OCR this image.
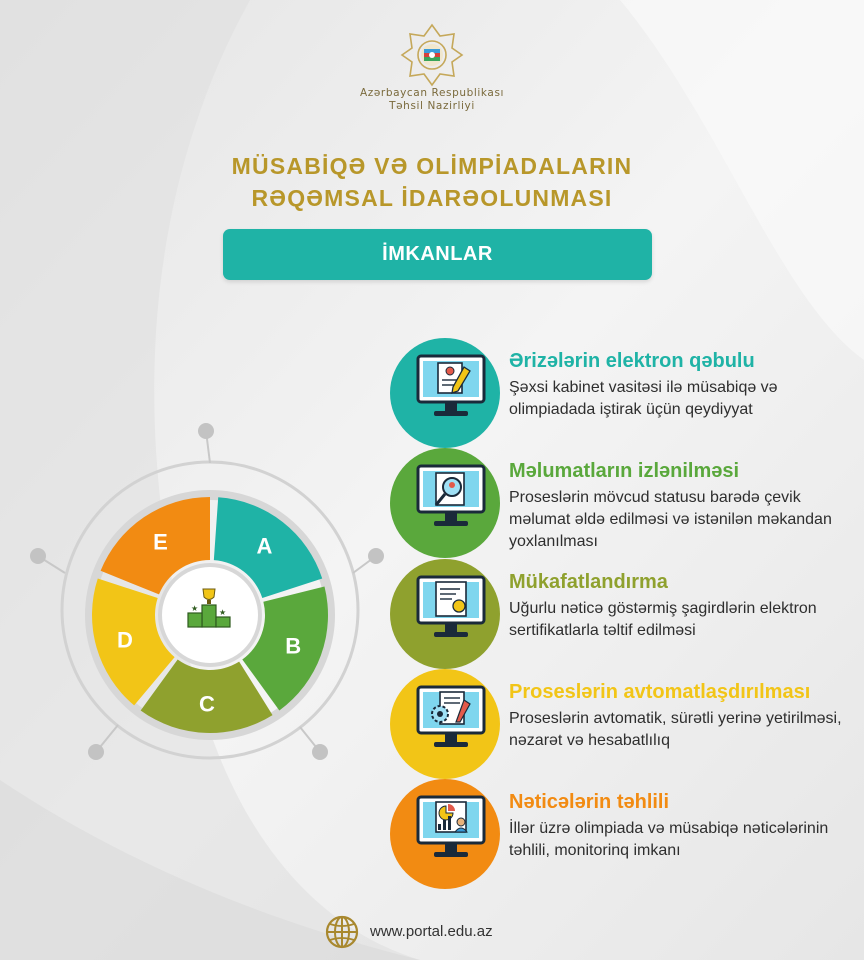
Azərbaycan Respublikası
Təhsil Nazirliyi
MÜSABİQƏ VƏ OLİMPİADALARIN
RƏQƏMSAL İDARƏOLUNMASI
İMKANLAR
A
B
C
D
E
★	★
Ərizələrin elektron qəbulu
Şəxsi kabinet vasitəsi ilə müsabiqə və olimpiadada iştirak üçün qeydiyyat
Məlumatların izlənilməsi
Proseslərin mövcud statusu barədə çevik məlumat əldə edilməsi və istənilən məkandan yoxlanılması
Mükafatlandırma
Uğurlu nəticə göstərmiş şagirdlərin elektron sertifikatlarla təltif edilməsi
Proseslərin avtomatlaşdırılması
Proseslərin avtomatik, sürətli yerinə yetirilməsi, nəzarət və hesabatlılıq
Nəticələrin təhlili
İllər üzrə olimpiada və müsabiqə nəticələrinin təhlili, monitorinq imkanı
www.portal.edu.az
